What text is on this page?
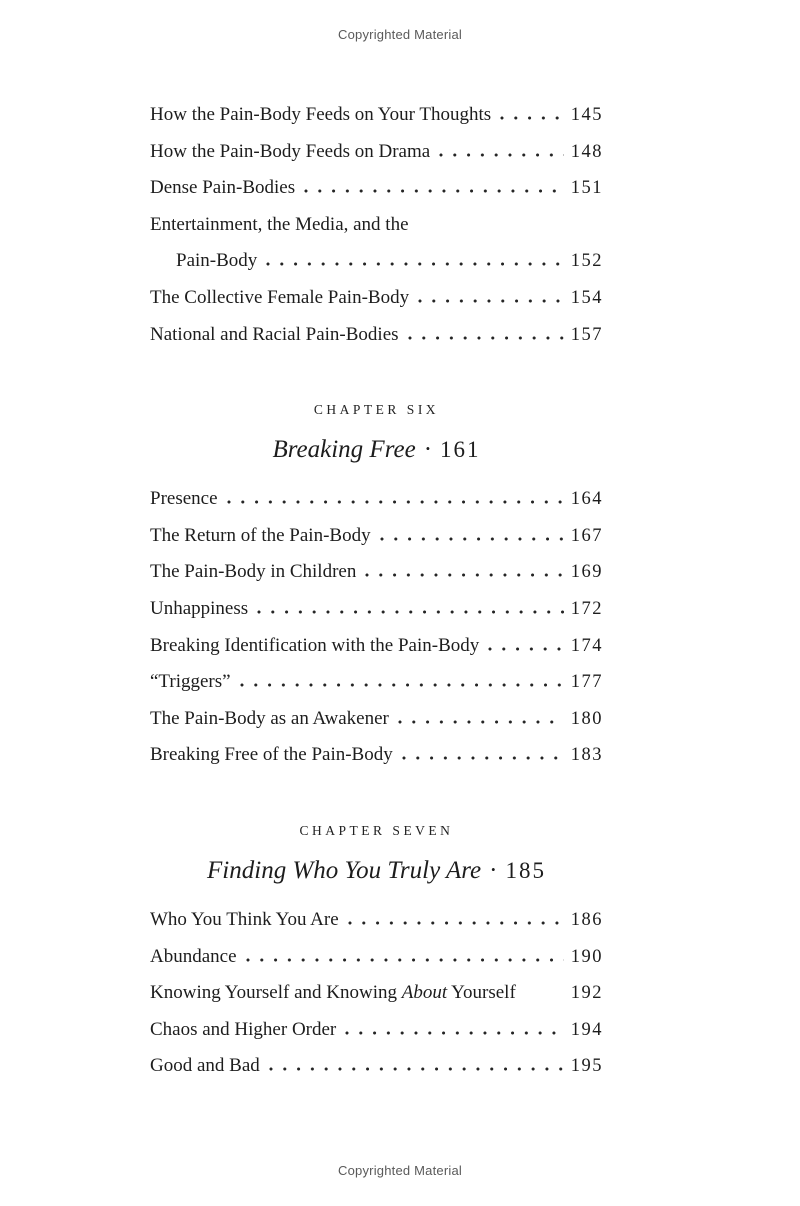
Copyrighted Material
How the Pain-Body Feeds on Your Thoughts	145
How the Pain-Body Feeds on Drama	148
Dense Pain-Bodies	151
Entertainment, the Media, and the
Pain-Body	152
The Collective Female Pain-Body	154
National and Racial Pain-Bodies	157
CHAPTER SIX
Breaking Free · 161
Presence	164
The Return of the Pain-Body	167
The Pain-Body in Children	169
Unhappiness	172
Breaking Identification with the Pain-Body	174
“Triggers”	177
The Pain-Body as an Awakener	180
Breaking Free of the Pain-Body	183
CHAPTER SEVEN
Finding Who You Truly Are · 185
Who You Think You Are	186
Abundance	190
Knowing Yourself and Knowing About Yourself	192
Chaos and Higher Order	194
Good and Bad	195
Copyrighted Material
